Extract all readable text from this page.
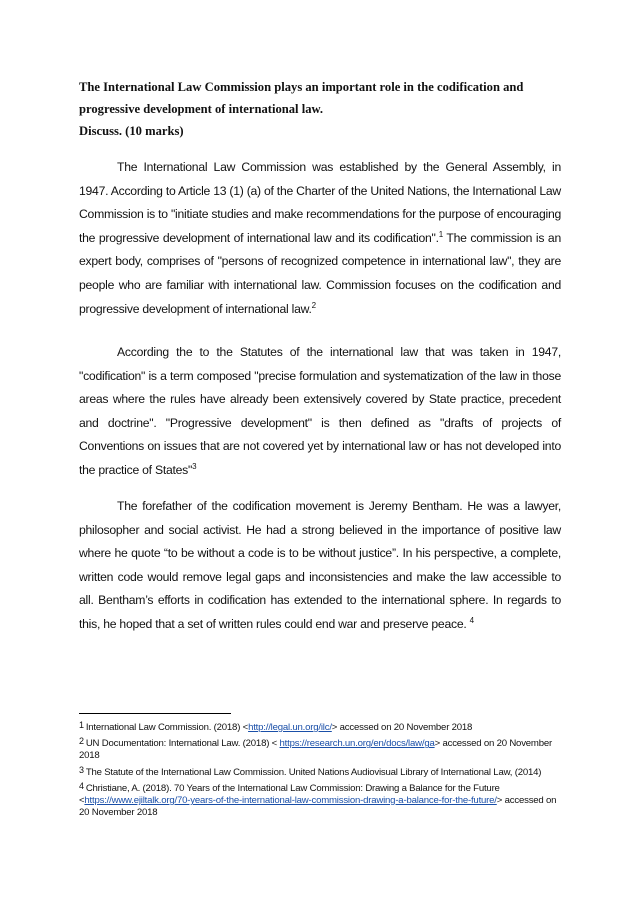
The International Law Commission plays an important role in the codification and
progressive development of international law.
Discuss. (10 marks)

The International Law Commission was established by the General Assembly, in 1947. According to Article 13 (1) (a) of the Charter of the United Nations, the International Law Commission is to "initiate studies and make recommendations for the purpose of encouraging the progressive development of international law and its codification".$^1$ The commission is an expert body, comprises of "persons of recognized competence in international law", they are people who are familiar with international law. Commission focuses on the codification and progressive development of international law.$^2$

According the to the Statutes of the international law that was taken in 1947, "codification" is a term composed "precise formulation and systematization of the law in those areas where the rules have already been extensively covered by State practice, precedent and doctrine". "Progressive development" is then defined as "drafts of projects of Conventions on issues that are not covered yet by international law or has not developed into the practice of States"$^3$

The forefather of the codification movement is Jeremy Bentham. He was a lawyer, philosopher and social activist. He had a strong believed in the importance of positive law where he quote “to be without a code is to be without justice”. In his perspective, a complete, written code would remove legal gaps and inconsistencies and make the law accessible to all. Bentham’s efforts in codification has extended to the international sphere. In regards to this, he hoped that a set of written rules could end war and preserve peace. $^4$

1 International Law Commission. (2018) <http://legal.un.org/ilc/> accessed on 20 November 2018

2 UN Documentation: International Law. (2018) < https://research.un.org/en/docs/law/ga> accessed on 20 November 2018

3 The Statute of the International Law Commission. United Nations Audiovisual Library of International Law, (2014)

4 Christiane, A. (2018). 70 Years of the International Law Commission: Drawing a Balance for the Future <https://www.ejiltalk.org/70-years-of-the-international-law-commission-drawing-a-balance-for-the-future/> accessed on 20 November 2018
